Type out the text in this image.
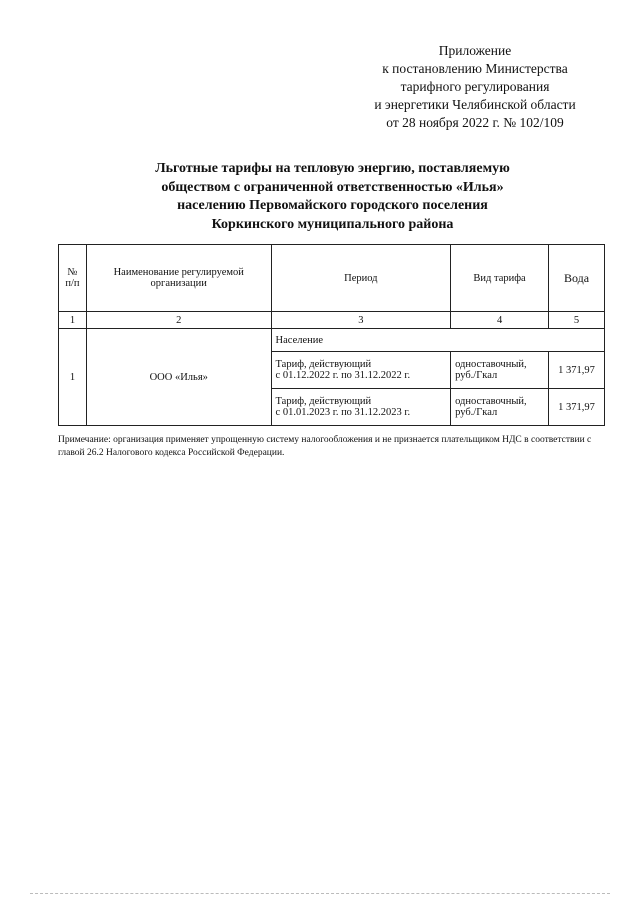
Приложение
к постановлению Министерства
тарифного регулирования
и энергетики Челябинской области
от 28 ноября 2022 г. № 102/109
Льготные тарифы на тепловую энергию, поставляемую
обществом с ограниченной ответственностью «Илья»
населению Первомайского городского поселения
Коркинского муниципального района
№ п/п	Наименование регулируемой организации	Период	Вид тарифа	Вода
1	2	3	4	5
1	ООО «Илья»	Население		

		Тариф, действующий
с 01.12.2022 г. по 31.12.2022 г.	одноставочный, руб./Гкал	1 371,97

		Тариф, действующий
с 01.01.2023 г. по 31.12.2023 г.	одноставочный, руб./Гкал	1 371,97
Примечание: организация применяет упрощенную систему налогообложения и не признается плательщиком НДС в соответствии с главой 26.2 Налогового кодекса Российской Федерации.
